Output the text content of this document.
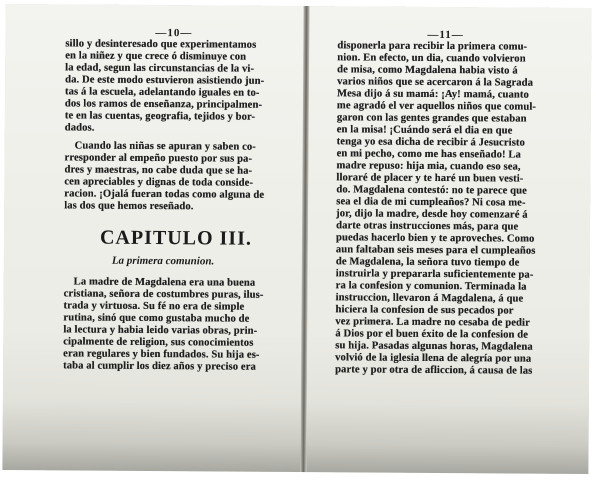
—10—	—11—
sillo y desinteresado que experimentamos
en la niñez y que crece ó disminuye con
la edad, segun las circunstancias de la vi-
da. De este modo estuvieron asistiendo jun-
tas á la escuela, adelantando iguales en to-
dos los ramos de enseñanza, principalmen-
te en las cuentas, geografia, tejidos y bor-
dados.
Cuando las niñas se apuran y saben co-
rresponder al empeño puesto por sus pa-
dres y maestras, no cabe duda que se ha-
cen apreciables y dignas de toda conside-
racion. ¡Ojalá fueran todas como alguna de
las dos que hemos reseñado.
CAPITULO III.
La primera comunion.
La madre de Magdalena era una buena
cristiana, señora de costumbres puras, ilus-
trada y virtuosa. Su fé no era de simple
rutina, sinó que como gustaba mucho de
la lectura y habia leido varias obras, prin-
cipalmente de religion, sus conocimientos
eran regulares y bien fundados. Su hija es-
taba al cumplir los diez años y preciso era
disponerla para recibir la primera comu-
nion. En efecto, un dia, cuando volvieron
de misa, como Magdalena habia visto á
varios niños que se acercaron á la Sagrada
Mesa dijo á su mamá: ¡Ay! mamá, cuanto
me agradó el ver aquellos niños que comul-
garon con las gentes grandes que estaban
en la misa! ¡Cuándo será el dia en que
tenga yo esa dicha de recibir á Jesucristo
en mi pecho, como me has enseñado! La
madre repuso: hija mia, cuando eso sea,
lloraré de placer y te haré un buen vesti-
do. Magdalena contestó: no te parece que
sea el dia de mi cumpleaños? Ni cosa me-
jor, dijo la madre, desde hoy comenzaré á
darte otras instrucciones más, para que
puedas hacerlo bien y te aproveches. Como
aun faltaban seis meses para el cumpleaños
de Magdalena, la señora tuvo tiempo de
instruirla y prepararla suficientemente pa-
ra la confesion y comunion. Terminada la
instruccion, llevaron á Magdalena, á que
hiciera la confesion de sus pecados por
vez primera. La madre no cesaba de pedir
á Dios por el buen éxito de la confesion de
su hija. Pasadas algunas horas, Magdalena
volvió de la iglesia llena de alegría por una
parte y por otra de afliccion, á causa de las
